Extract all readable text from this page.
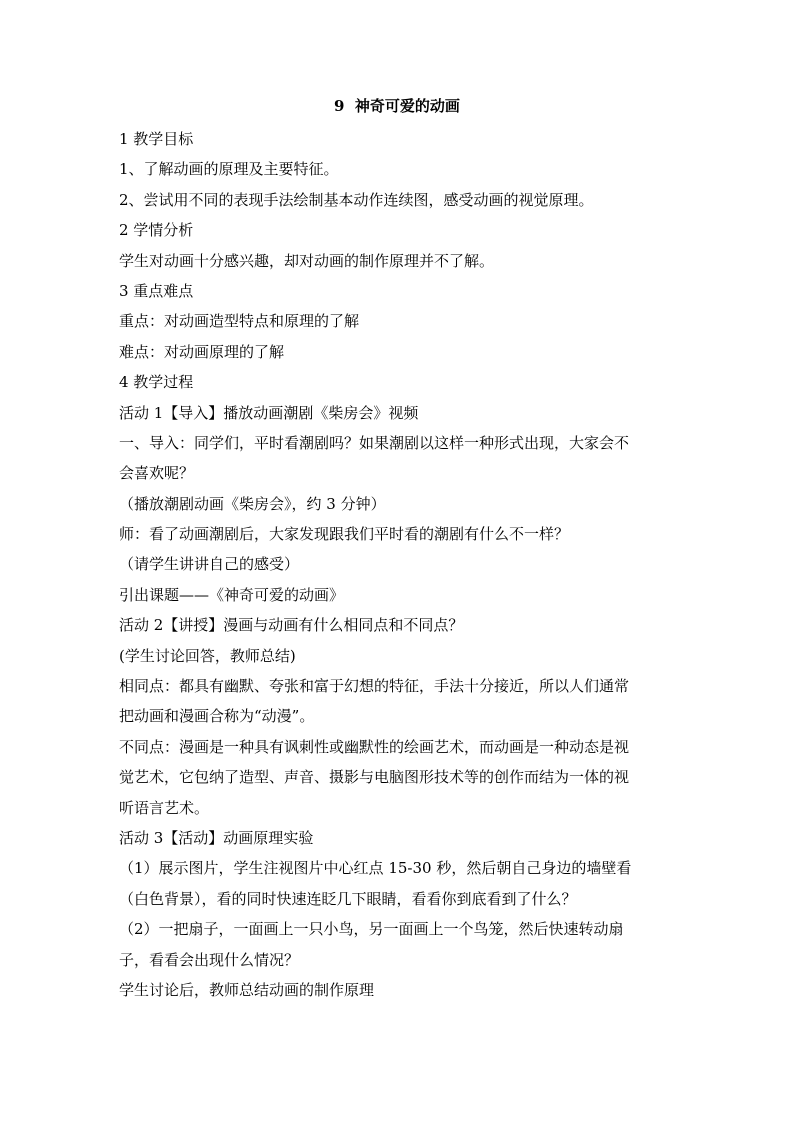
9  神奇可爱的动画
1 教学目标
1、了解动画的原理及主要特征。
2、尝试用不同的表现手法绘制基本动作连续图，感受动画的视觉原理。
2 学情分析
学生对动画十分感兴趣，却对动画的制作原理并不了解。
3 重点难点
重点：对动画造型特点和原理的了解
难点：对动画原理的了解
4 教学过程
活动 1【导入】播放动画潮剧《柴房会》视频
一、导入：同学们，平时看潮剧吗？如果潮剧以这样一种形式出现，大家会不
会喜欢呢？
（播放潮剧动画《柴房会》，约 3 分钟）
师：看了动画潮剧后，大家发现跟我们平时看的潮剧有什么不一样？
（请学生讲讲自己的感受）
引出课题——《神奇可爱的动画》
活动 2【讲授】漫画与动画有什么相同点和不同点？
(学生讨论回答，教师总结)
相同点：都具有幽默、夸张和富于幻想的特征，手法十分接近，所以人们通常
把动画和漫画合称为“动漫”。
不同点：漫画是一种具有讽刺性或幽默性的绘画艺术，而动画是一种动态是视
觉艺术，它包纳了造型、声音、摄影与电脑图形技术等的创作而结为一体的视
听语言艺术。
活动 3【活动】动画原理实验
（1）展示图片，学生注视图片中心红点 15-30 秒，然后朝自己身边的墙壁看
（白色背景），看的同时快速连眨几下眼睛，看看你到底看到了什么？
（2）一把扇子，一面画上一只小鸟，另一面画上一个鸟笼，然后快速转动扇
子，看看会出现什么情况？
学生讨论后，教师总结动画的制作原理
